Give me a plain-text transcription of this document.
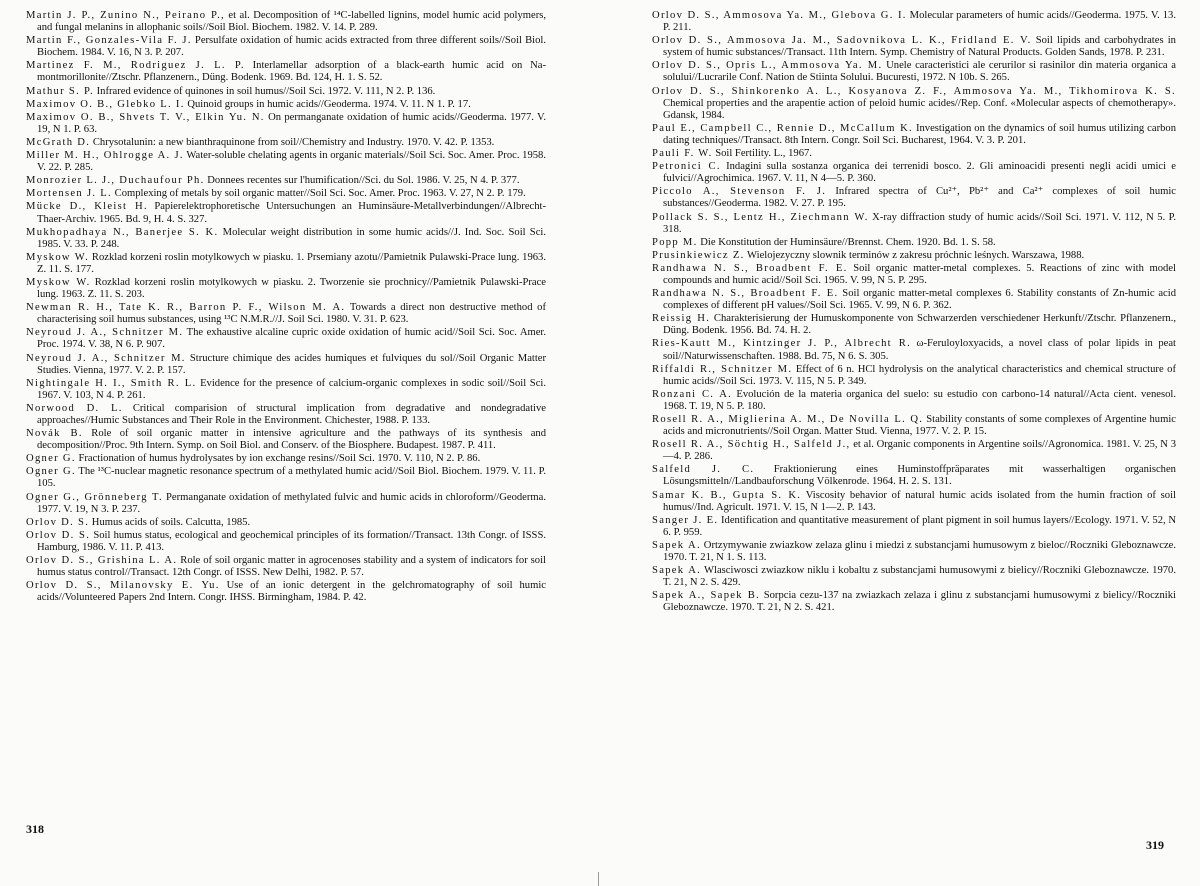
Martin J. P., Zunino N., Peirano P., et al. Decomposition of ¹⁴C-labelled lignins, model humic acid polymers, and fungal melanins in allophanic soils//Soil Biol. Biochem. 1982. V. 14. P. 289.

Martin F., Gonzales-Vila F. J. Persulfate oxidation of humic acids extracted from three different soils//Soil Biol. Biochem. 1984. V. 16, N 3. P. 207.

Martinez F. M., Rodriguez J. L. P. Interlamellar adsorption of a black-earth humic acid on Na-montmorillonite//Ztschr. Pflanzenern., Düng. Bodenk. 1969. Bd. 124, H. 1. S. 52.

Mathur S. P. Infrared evidence of quinones in soil humus//Soil Sci. 1972. V. 111, N 2. P. 136.

Maximov O. B., Glebko L. I. Quinoid groups in humic acids//Geoderma. 1974. V. 11. N 1. P. 17.

Maximov O. B., Shvets T. V., Elkin Yu. N. On permanganate oxidation of humic acids//Geoderma. 1977. V. 19, N 1. P. 63.

McGrath D. Chrysotalunin: a new bianthraquinone from soil//Chemistry and Industry. 1970. V. 42. P. 1353.

Miller M. H., Ohlrogge A. J. Water-soluble chelating agents in organic materials//Soil Sci. Soc. Amer. Proc. 1958. V. 22. P. 285.

Monrozier L. J., Duchaufour Ph. Donnees recentes sur l'humification//Sci. du Sol. 1986. V. 25, N 4. P. 377.

Mortensen J. L. Complexing of metals by soil organic matter//Soil Sci. Soc. Amer. Proc. 1963. V. 27, N 2. P. 179.

Mücke D., Kleist H. Papierelektrophoretische Untersuchungen an Huminsäure-Metallverbindungen//Albrecht-Thaer-Archiv. 1965. Bd. 9, H. 4. S. 327.

Mukhopadhaya N., Banerjee S. K. Molecular weight distribution in some humic acids//J. Ind. Soc. Soil Sci. 1985. V. 33. P. 248.

Myskow W. Rozklad korzeni roslin motylkowych w piasku. 1. Prsemiany azotu//Pamietnik Pulawski-Prace lung. 1963. Z. 11. S. 177.

Myskow W. Rozklad korzeni roslin motylkowych w piasku. 2. Tworzenie sie prochnicy//Pamietnik Pulawski-Prace lung. 1963. Z. 11. S. 203.

Newman R. H., Tate K. R., Barron P. F., Wilson M. A. Towards a direct non destructive method of characterising soil humus substances, using ¹³C N.M.R.//J. Soil Sci. 1980. V. 31. P. 623.

Neyroud J. A., Schnitzer M. The exhaustive alcaline cupric oxide oxidation of humic acid//Soil Sci. Soc. Amer. Proc. 1974. V. 38, N 6. P. 907.

Neyroud J. A., Schnitzer M. Structure chimique des acides humiques et fulviques du sol//Soil Organic Matter Studies. Vienna, 1977. V. 2. P. 157.

Nightingale H. I., Smith R. L. Evidence for the presence of calcium-organic complexes in sodic soil//Soil Sci. 1967. V. 103, N 4. P. 261.

Norwood D. L. Critical comparision of structural implication from degradative and nondegradative approaches//Humic Substances and Their Role in the Environment. Chichester, 1988. P. 133.

Novák B. Role of soil organic matter in intensive agriculture and the pathways of its synthesis and decomposition//Proc. 9th Intern. Symp. on Soil Biol. and Conserv. of the Biosphere. Budapest. 1987. P. 411.

Ogner G. Fractionation of humus hydrolysates by ion exchange resins//Soil Sci. 1970. V. 110, N 2. P. 86.

Ogner G. The ¹³C-nuclear magnetic resonance spectrum of a methylated humic acid//Soil Biol. Biochem. 1979. V. 11. P. 105.

Ogner G., Grönneberg T. Permanganate oxidation of methylated fulvic and humic acids in chloroform//Geoderma. 1977. V. 19, N 3. P. 237.

Orlov D. S. Humus acids of soils. Calcutta, 1985.

Orlov D. S. Soil humus status, ecological and geochemical principles of its formation//Transact. 13th Congr. of ISSS. Hamburg, 1986. V. 11. P. 413.

Orlov D. S., Grishina L. A. Role of soil organic matter in agrocenoses stability and a system of indicators for soil humus status control//Transact. 12th Congr. of ISSS. New Delhi, 1982. P. 57.

Orlov D. S., Milanovsky E. Yu. Use of an ionic detergent in the gelchromatography of soil humic acids//Volunteered Papers 2nd Intern. Congr. IHSS. Birmingham, 1984. P. 42.

318

Orlov D. S., Ammosova Ya. M., Glebova G. I. Molecular parameters of humic acids//Geoderma. 1975. V. 13. P. 211.

Orlov D. S., Ammosova Ja. M., Sadovnikova L. K., Fridland E. V. Soil lipids and carbohydrates in system of humic substances//Transact. 11th Intern. Symp. Chemistry of Natural Products. Golden Sands, 1978. P. 231.

Orlov D. S., Opris L., Ammosova Ya. M. Unele caracteristici ale cerurilor si rasinilor din materia organica a solului//Lucrarile Conf. Nation de Stiinta Solului. Bucuresti, 1972. N 10b. S. 265.

Orlov D. S., Shinkorenko A. L., Kosyanova Z. F., Ammosova Ya. M., Tikhomirova K. S. Chemical properties and the arapentie action of peloid humic acides//Rep. Conf. «Molecular aspects of chemotherapy». Gdansk, 1984.

Paul E., Campbell C., Rennie D., McCallum K. Investigation on the dynamics of soil humus utilizing carbon dating techniques//Transact. 8th Intern. Congr. Soil Sci. Bucharest, 1964. V. 3. P. 201.

Pauli F. W. Soil Fertility. L., 1967.

Petronici C. Indagini sulla sostanza organica dei terrenidi bosco. 2. Gli aminoacidi presenti negli acidi umici e fulvici//Agrochimica. 1967. V. 11, N 4—5. P. 360.

Piccolo A., Stevenson F. J. Infrared spectra of Cu²⁺, Pb²⁺ and Ca²⁺ complexes of soil humic substances//Geoderma. 1982. V. 27. P. 195.

Pollack S. S., Lentz H., Ziechmann W. X-ray diffraction study of humic acids//Soil Sci. 1971. V. 112, N 5. P. 318.

Popp M. Die Konstitution der Huminsäure//Brennst. Chem. 1920. Bd. 1. S. 58.

Prusinkiewicz Z. Wielojezyczny slownik terminów z zakresu próchnic leśnych. Warszawa, 1988.

Randhawa N. S., Broadbent F. E. Soil organic matter-metal complexes. 5. Reactions of zinc with model compounds and humic acid//Soil Sci. 1965. V. 99, N 5. P. 295.

Randhawa N. S., Broadbent F. E. Soil organic matter-metal complexes 6. Stability constants of Zn-humic acid complexes of different pH values//Soil Sci. 1965. V. 99, N 6. P. 362.

Reissig H. Charakterisierung der Humuskomponente von Schwarzerden verschiedener Herkunft//Ztschr. Pflanzenern., Düng. Bodenk. 1956. Bd. 74. H. 2.

Ries-Kautt M., Kintzinger J. P., Albrecht R. ω-Feruloyloxyacids, a novel class of polar lipids in peat soil//Naturwissenschaften. 1988. Bd. 75, N 6. S. 305.

Riffaldi R., Schnitzer M. Effect of 6 n. HCl hydrolysis on the analytical characteristics and chemical structure of humic acids//Soil Sci. 1973. V. 115, N 5. P. 349.

Ronzani C. A. Evolución de la materia organica del suelo: su estudio con carbono-14 natural//Acta cient. venesol. 1968. T. 19, N 5. P. 180.

Rosell R. A., Miglierina A. M., De Novilla L. Q. Stability constants of some complexes of Argentine humic acids and micronutrients//Soil Organ. Matter Stud. Vienna, 1977. V. 2. P. 15.

Rosell R. A., Söchtig H., Salfeld J., et al. Organic components in Argentine soils//Agronomica. 1981. V. 25, N 3—4. P. 286.

Salfeld J. C. Fraktionierung eines Huminstoffpräparates mit wasserhaltigen organischen Lösungsmitteln//Landbauforschung Völkenrode. 1964. H. 2. S. 131.

Samar K. B., Gupta S. K. Viscosity behavior of natural humic acids isolated from the humin fraction of soil humus//Ind. Agricult. 1971. V. 15, N 1—2. P. 143.

Sanger J. E. Identification and quantitative measurement of plant pigment in soil humus layers//Ecology. 1971. V. 52, N 6. P. 959.

Sapek A. Ortzymywanie zwiazkow zelaza glinu i miedzi z substancjami humusowym z bieloc//Roczniki Gleboznawcze. 1970. T. 21, N 1. S. 113.

Sapek A. Wlasciwosci zwiazkow niklu i kobaltu z substancjami humusowymi z bielicy//Roczniki Gleboznawcze. 1970. T. 21, N 2. S. 429.

Sapek A., Sapek B. Sorpcia cezu-137 na zwiazkach zelaza i glinu z substancjami humusowymi z bielicy//Roczniki Gleboznawcze. 1970. T. 21, N 2. S. 421.

319
